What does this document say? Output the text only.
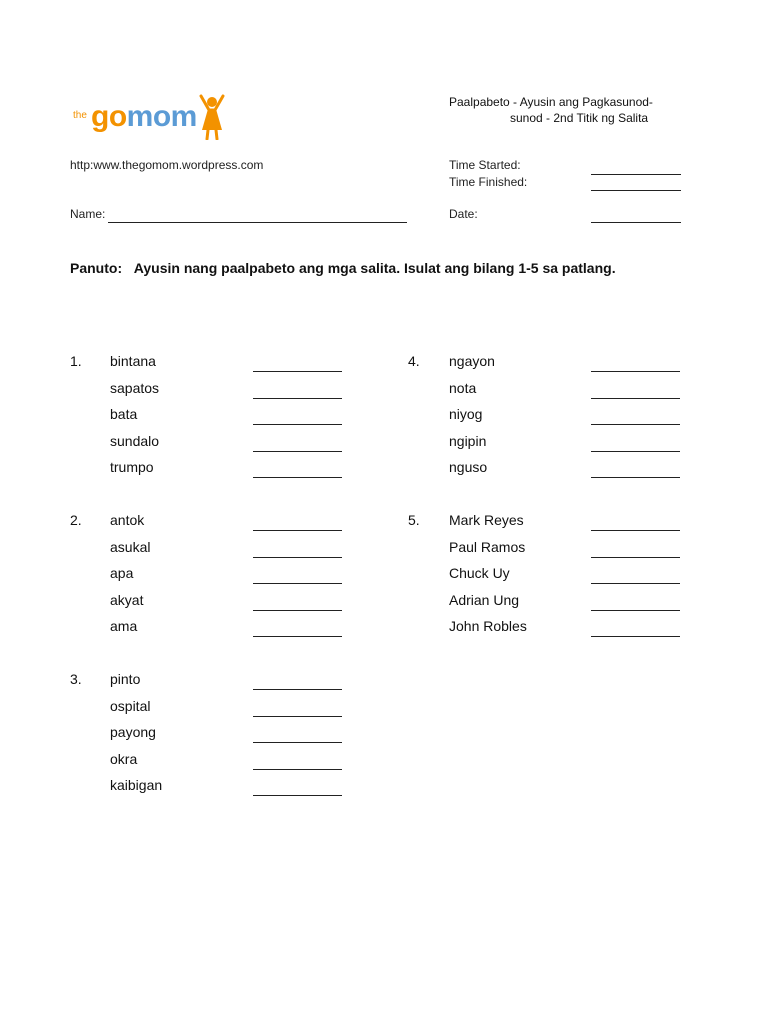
the gomom	Paalpabeto - Ayusin ang Pagkasunod-
sunod - 2nd Titik ng Salita
http:www.thegomom.wordpress.com	Time Started:
Time Finished:
Name:	Date:
Panuto: Ayusin nang paalpabeto ang mga salita. Isulat ang bilang 1-5 sa patlang.
1. bintana
sapatos
bata
sundalo
trumpo
2. antok
asukal
apa
akyat
ama
3. pinto
ospital
payong
okra
kaibigan
4. ngayon
nota
niyog
ngipin
nguso
5. Mark Reyes
Paul Ramos
Chuck Uy
Adrian Ung
John Robles
